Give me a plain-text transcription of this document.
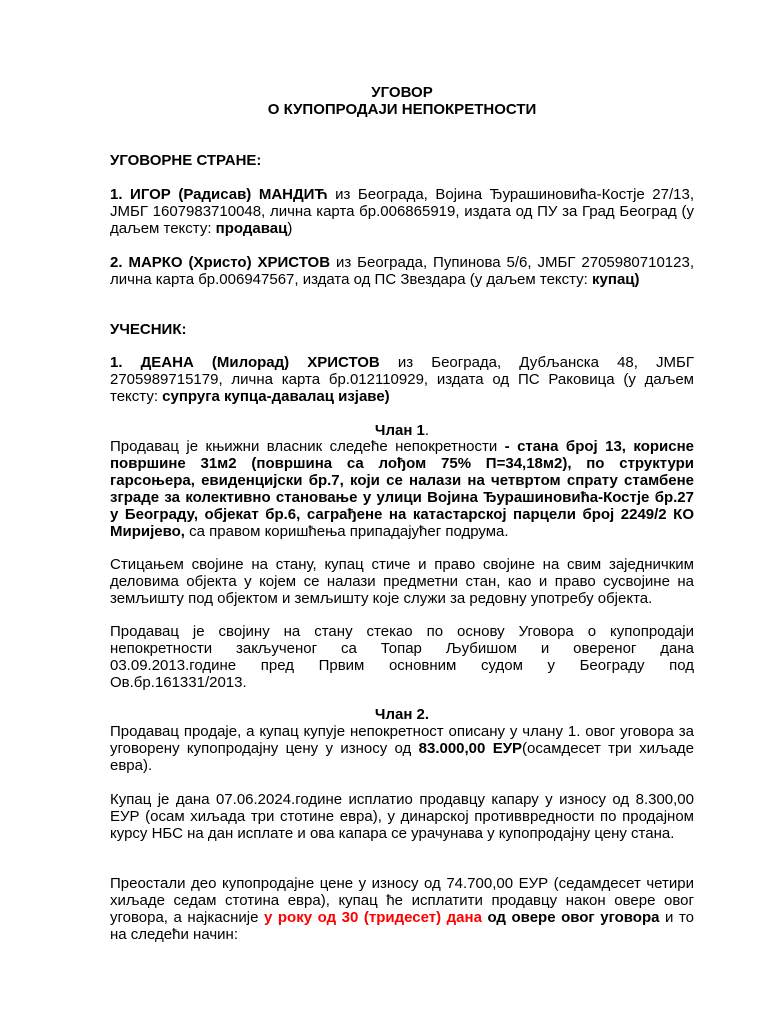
УГОВОР
О КУПОПРОДАЈИ НЕПОКРЕТНОСТИ
УГОВОРНЕ СТРАНЕ:

1. ИГОР (Радисав) МАНДИЋ из Београда, Војина Ђурашиновића-Костје 27/13, ЈМБГ 1607983710048, лична карта бр.006865919, издата од ПУ за Град Београд (у даљем тексту: продавац)

2. МАРКО (Христо) ХРИСТОВ из Београда, Пупинова 5/6, ЈМБГ 2705980710123, лична карта бр.006947567, издата од ПС Звездара (у даљем тексту: купац)

УЧЕСНИК:

1. ДЕАНА (Милорад) ХРИСТОВ из Београда, Дубљанска 48, ЈМБГ 2705989715179, лична карта бр.012110929, издата од ПС Раковица (у даљем тексту: супруга купца-давалац изјаве)

Члан 1.

Продавац је књижни власник следеће непокретности - стана број 13, корисне површине 31м2 (површина са лођом 75% П=34,18м2), по структури гарсоњера, евиденцијски бр.7, који се налази на четвртом спрату стамбене зграде за колективно становање у улици Војина Ђурашиновића-Костје бр.27 у Београду, објекат бр.6, саграђене на катастарској парцели број 2249/2 КО Миријево, са правом коришћења припадајућег подрума.

Стицањем својине на стану, купац стиче и право својине на свим заједничким деловима објекта у којем се налази предметни стан, као и право сусвојине на земљишту под објектом и земљишту које служи за редовну употребу објекта.

Продавац је својину на стану стекао по основу Уговора о купопродаји
непокретности закљученог са Топар Љубишом и овереног дана
03.09.2013.године пред Првим основним судом у Београду под
Ов.бр.161331/2013.
Члан 2.

Продавац продаје, а купац купује непокретност описану у члану 1. овог уговора за уговорену купопродајну цену у износу од 83.000,00 ЕУР(осамдесет три хиљаде евра).

Купац је дана 07.06.2024.године исплатио продавцу капару у износу од 8.300,00 ЕУР (осам хиљада три стотине евра), у динарској противвредности по продајном курсу НБС на дан исплате и ова капара се урачунава у купопродајну цену стана.

Преостали део купопродајне цене у износу од 74.700,00 ЕУР (седамдесет четири хиљаде седам стотина евра), купац ће исплатити продавцу након овере овог уговора, а најкасније у року од 30 (тридесет) дана од овере овог уговора и то на следећи начин:
